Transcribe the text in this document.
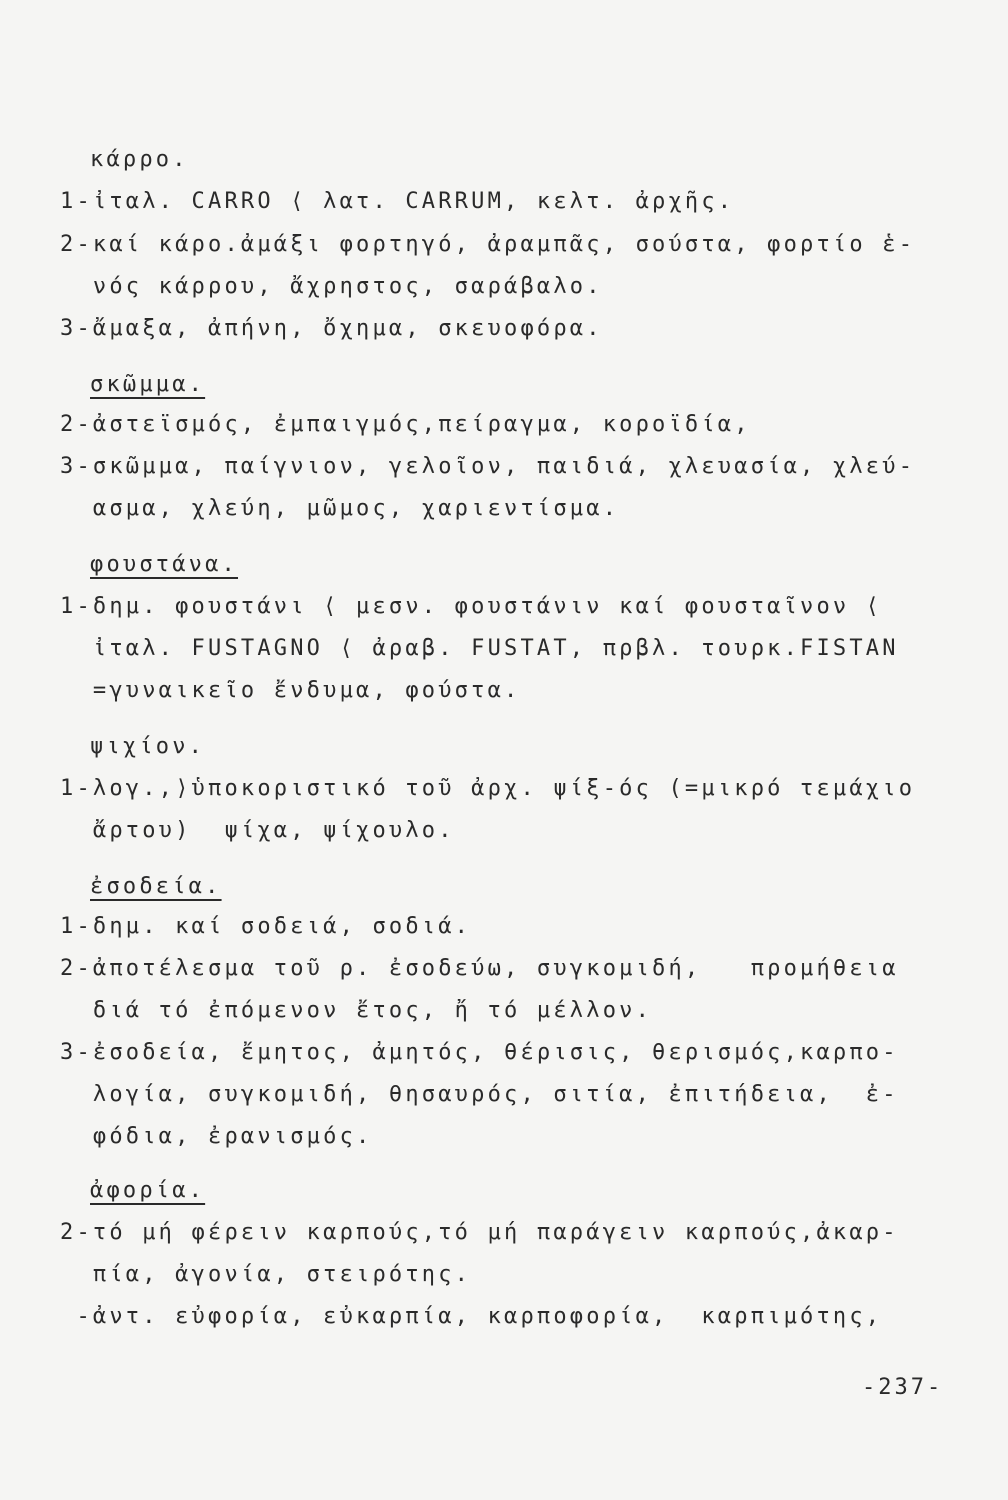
κάρρο.
1-ἰταλ. CARRO ⟨ λατ. CARRUM, κελτ. ἀρχῆς.
2-καί κάρο.ἀμάξι φορτηγό, ἀραμπᾶς, σούστα, φορτίο ἑ-
νός κάρρου, ἄχρηστος, σαράβαλο.
3-ἄμαξα, ἀπήνη, ὄχημα, σκευοφόρα.
σκῶμμα.
2-ἀστεϊσμός, ἐμπαιγμός,πείραγμα, κοροϊδία,
3-σκῶμμα, παίγνιον, γελοῖον, παιδιά, χλευασία, χλεύ-
ασμα, χλεύη, μῶμος, χαριεντίσμα.
φουστάνα.
1-δημ. φουστάνι ⟨ μεσν. φουστάνιν καί φουσταῖνον ⟨
ἰταλ. FUSTAGNO ⟨ ἀραβ. FUSTAT, πρβλ. τουρκ.FISTAN
=γυναικεῖο ἔνδυμα, φούστα.
ψιχίον.
1-λογ.,⟩ὑποκοριστικό τοῦ ἀρχ. ψίξ-ός (=μικρό τεμάχιο
ἄρτου)  ψίχα, ψίχουλο.
ἐσοδεία.
1-δημ. καί σοδειά, σοδιά.
2-ἀποτέλεσμα τοῦ ρ. ἐσοδεύω, συγκομιδή,   προμήθεια
διά τό ἐπόμενον ἔτος, ἤ τό μέλλον.
3-ἐσοδεία, ἔμητος, ἀμητός, θέρισις, θερισμός,καρπο-
λογία, συγκομιδή, θησαυρός, σιτία, ἐπιτήδεια,  ἐ-
φόδια, ἐρανισμός.
ἀφορία.
2-τό μή φέρειν καρπούς,τό μή παράγειν καρπούς,ἀκαρ-
πία, ἀγονία, στειρότης.
-ἀντ. εὐφορία, εὐκαρπία, καρποφορία,  καρπιμότης,
-237-
